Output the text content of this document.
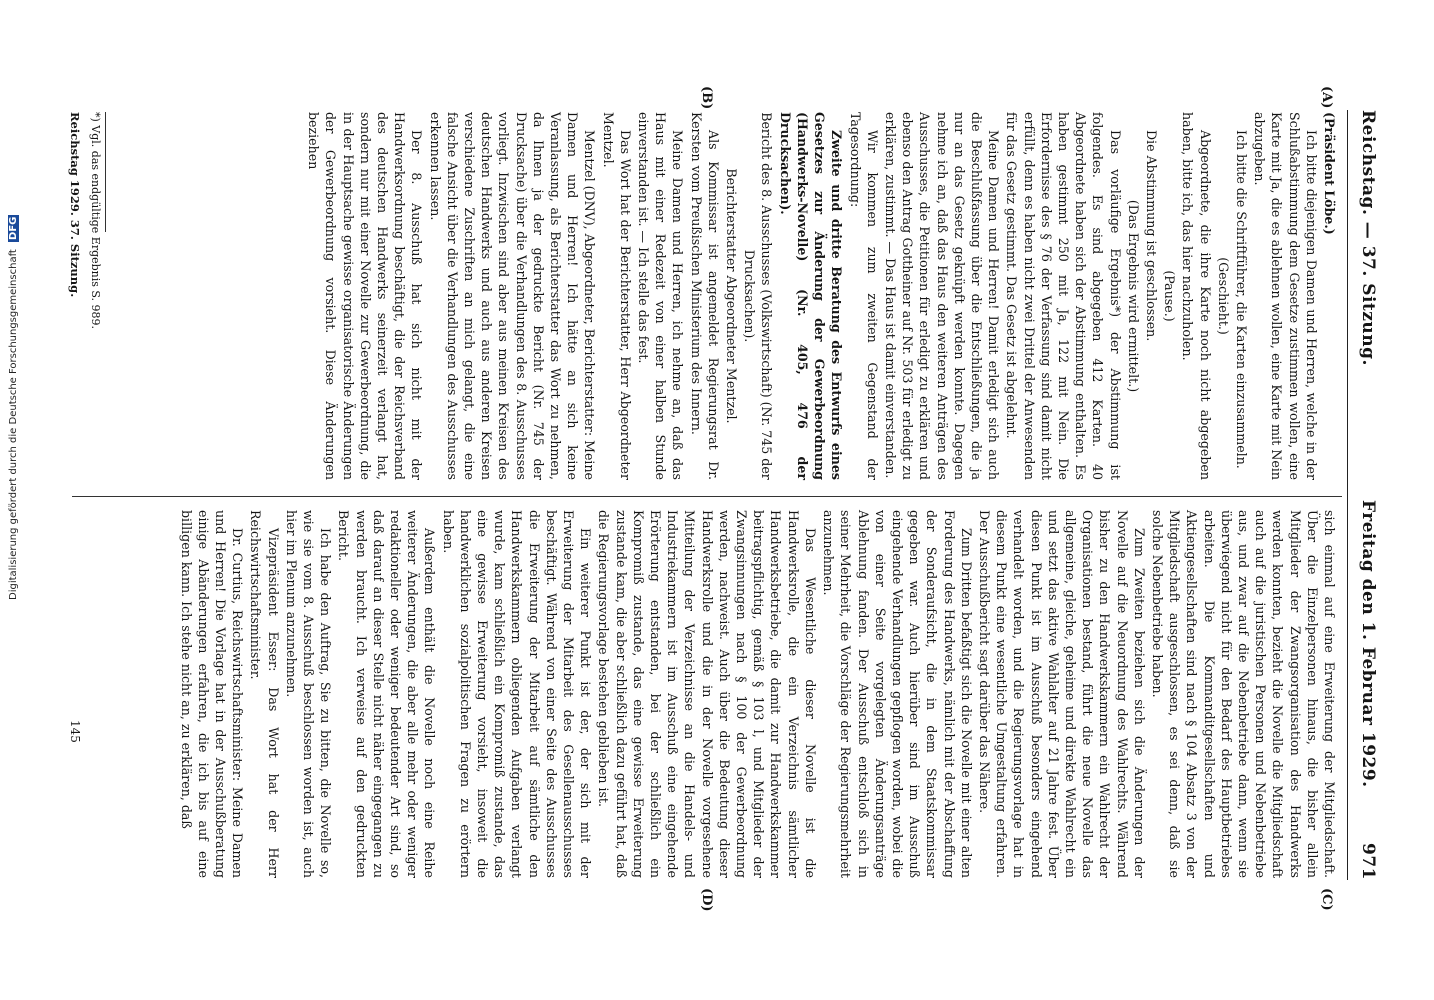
Reichstag. — 37. Sitzung.
Freitag den 1. Februar 1929.
971
(A)
(B)
(C)
(D)

(Präsident Löbe.)

Ich bitte diejenigen Damen und Herren, welche in der Schlußabstimmung dem Gesetze zustimmen wollen, eine Karte mit Ja, die es ablehnen wollen, eine Karte mit Nein abzugeben.

Ich bitte die Schriftführer, die Karten einzusammeln.

(Geschieht.)

Abgeordnete, die ihre Karte noch nicht abgegeben haben, bitte ich, das hier nachzuholen.

(Pause.)

Die Abstimmung ist geschlossen.

(Das Ergebnis wird ermittelt.)

Das vorläufige Ergebnis*) der Abstimmung ist folgendes. Es sind abgegeben 412 Karten. 40 Abgeordnete haben sich der Abstimmung enthalten. Es haben gestimmt 250 mit Ja, 122 mit Nein. Die Erfordernisse des § 76 der Verfassung sind damit nicht erfüllt, denn es haben nicht zwei Drittel der Anwesenden für das Gesetz gestimmt. Das Gesetz ist abgelehnt.

Meine Damen und Herren! Damit erledigt sich auch die Beschlußfassung über die Entschließungen, die ja nur an das Gesetz geknüpft werden konnte. Dagegen nehme ich an, daß das Haus den weiteren Anträgen des Ausschusses, die Petitionen für erledigt zu erklären und ebenso den Antrag Gottheiner auf Nr. 503 für erledigt zu erklären, zustimmt. — Das Haus ist damit einverstanden.

Wir kommen zum zweiten Gegenstand der Tagesordnung:

Zweite und dritte Beratung des Entwurfs eines Gesetzes zur Änderung der Gewerbeordnung (Handwerks-Novelle) (Nr. 405, 476 der Drucksachen).

Bericht des 8. Ausschusses (Volkswirtschaft) (Nr. 745 der Drucksachen).

Berichterstatter Abgeordneter Mentzel.

Als Kommissar ist angemeldet Regierungsrat Dr. Kersten vom Preußischen Ministerium des Innern.

Meine Damen und Herren, ich nehme an, daß das Haus mit einer Redezeit von einer halben Stunde einverstanden ist. — Ich stelle das fest.

Das Wort hat der Berichterstatter, Herr Abgeordneter Mentzel.

Mentzel (DNV), Abgeordneter, Berichterstatter: Meine Damen und Herren! Ich hätte an sich keine Veranlassung, als Berichterstatter das Wort zu nehmen, da Ihnen ja der gedruckte Bericht (Nr. 745 der Drucksache) über die Verhandlungen des 8. Ausschusses vorliegt. Inzwischen sind aber aus meinen Kreisen des deutschen Handwerks und auch aus anderen Kreisen verschiedene Zuschriften an mich gelangt, die eine falsche Ansicht über die Verhandlungen des Ausschusses erkennen lassen.

Der 8. Ausschuß hat sich nicht mit der Handwerksordnung beschäftigt, die der Reichsverband des deutschen Handwerks seinerzeit verlangt hat, sondern nur mit einer Novelle zur Gewerbeordnung, die in der Hauptsache gewisse organisatorische Änderungen der Gewerbeordnung vorsieht. Diese Änderungen beziehen

sich einmal auf eine Erweiterung der Mitgliedschaft. Über die Einzelpersonen hinaus, die bisher allein Mitglieder der Zwangsorganisation des Handwerks werden konnten, bezieht die Novelle die Mitgliedschaft auch auf die juristischen Personen und Nebenbetriebe aus, und zwar auf die Nebenbetriebe dann, wenn sie überwiegend nicht für den Bedarf des Hauptbetriebes arbeiten. Die Kommanditgesellschaften und Aktiengesellschaften sind nach § 104 Absatz 3 von der Mitgliedschaft ausgeschlossen, es sei denn, daß sie solche Nebenbetriebe haben.

Zum Zweiten beziehen sich die Änderungen der Novelle auf die Neuordnung des Wahlrechts. Während bisher zu den Handwerkskammern ein Wahlrecht der Organisationen bestand, führt die neue Novelle das allgemeine, gleiche, geheime und direkte Wahlrecht ein und setzt das aktive Wahlalter auf 21 Jahre fest. Über diesen Punkt ist im Ausschuß besonders eingehend verhandelt worden, und die Regierungsvorlage hat in diesem Punkt eine wesentliche Umgestaltung erfahren. Der Ausschußbericht sagt darüber das Nähere.

Zum Dritten befaßtigt sich die Novelle mit einer alten Forderung des Handwerks, nämlich mit der Abschaffung der Sonderaufsicht, die in dem Staatskommissar gegeben war. Auch hierüber sind im Ausschuß eingehende Verhandlungen gepflogen worden, wobei die von einer Seite vorgelegten Änderungsanträge Ablehnung fanden. Der Ausschuß entschloß sich in seiner Mehrheit, die Vorschläge der Regierungsmehrheit anzunehmen.

Das Wesentliche dieser Novelle ist die Handwerksrolle, die ein Verzeichnis sämtlicher Handwerksbetriebe, die damit zur Handwerkskammer beitragspflichtig, gemäß § 103 l, und Mitglieder der Zwangsinnungen nach § 100 der Gewerbeordnung werden, nachweist. Auch über die Bedeutung dieser Handwerksrolle und die in der Novelle vorgesehene Mitteilung der Verzeichnisse an die Handels- und Industriekammern ist im Ausschuß eine eingehende Erörterung entstanden, bei der schließlich ein Kompromiß zustande, das eine gewisse Erweiterung zustande kam, die aber schließlich dazu geführt hat, daß die Regierungsvorlage bestehen geblieben ist.

Ein weiterer Punkt ist der, der sich mit der Erweiterung der Mitarbeit des Gesellenausschusses beschäftigt. Während von einer Seite des Ausschusses die Erweiterung der Mitarbeit auf sämtliche den Handwerkskammern obliegenden Aufgaben verlangt wurde, kam schließlich ein Kompromiß zustande, das eine gewisse Erweiterung vorsieht, insoweit die handwerklichen sozialpolitischen Fragen zu erörtern haben.

Außerdem enthält die Novelle noch eine Reihe weiterer Änderungen, die aber alle mehr oder weniger redaktioneller oder weniger bedeutender Art sind, so daß darauf an dieser Stelle nicht näher eingegangen zu werden braucht. Ich verweise auf den gedruckten Bericht.

Ich habe den Auftrag, Sie zu bitten, die Novelle so, wie sie vom 8. Ausschuß beschlossen worden ist, auch hier im Plenum anzunehmen.

Vizepräsident Esser: Das Wort hat der Herr Reichswirtschaftsminister.

Dr. Curtius, Reichswirtschaftsminister: Meine Damen und Herren! Die Vorlage hat in der Ausschußberatung einige Abänderungen erfahren, die ich bis auf eine billigen kann. Ich stehe nicht an, zu erklären, daß

*) Vgl. das endgültige Ergebnis S. 989.
Reichstag 1929. 37. Sitzung.
145
Digitalisierung gefördert durch die Deutsche Forschungsgemeinschaft DFG
